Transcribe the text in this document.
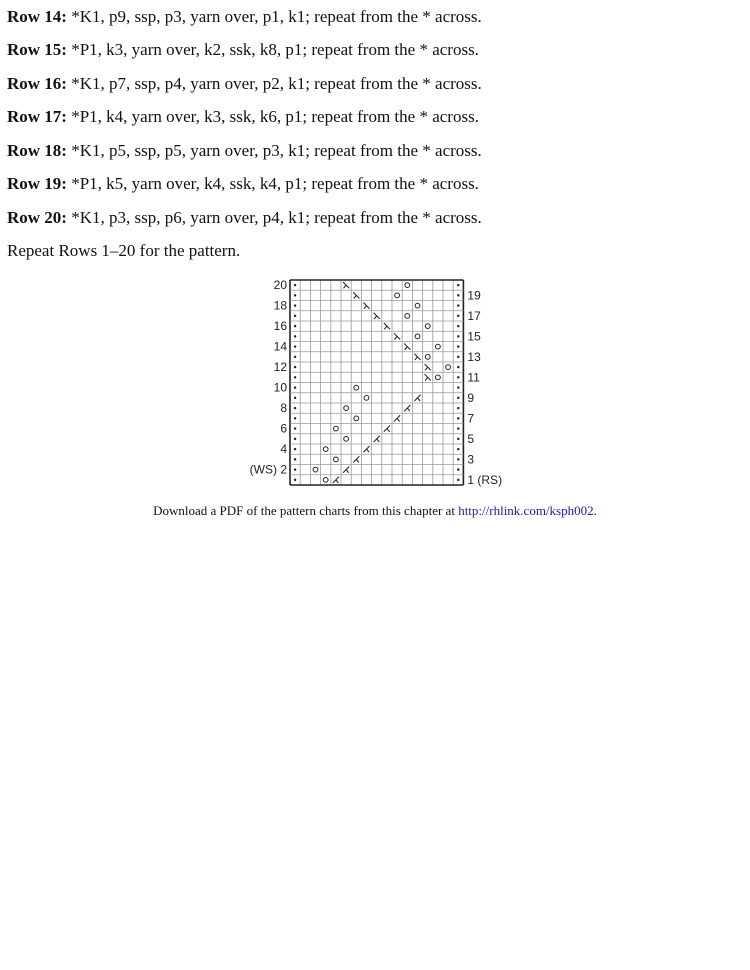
Row 14: *K1, p9, ssp, p3, yarn over, p1, k1; repeat from the * across.
Row 15: *P1, k3, yarn over, k2, ssk, k8, p1; repeat from the * across.
Row 16: *K1, p7, ssp, p4, yarn over, p2, k1; repeat from the * across.
Row 17: *P1, k4, yarn over, k3, ssk, k6, p1; repeat from the * across.
Row 18: *K1, p5, ssp, p5, yarn over, p3, k1; repeat from the * across.
Row 19: *P1, k5, yarn over, k4, ssk, k4, p1; repeat from the * across.
Row 20: *K1, p3, ssp, p6, yarn over, p4, k1; repeat from the * across.
Repeat Rows 1–20 for the pattern.
20
18
16
14
12
10
8
6
4
(WS) 2
19
17
15
13
11
9
7
5
3
1 (RS)
Download a PDF of the pattern charts from this chapter at http://rhlink.com/ksph002.
